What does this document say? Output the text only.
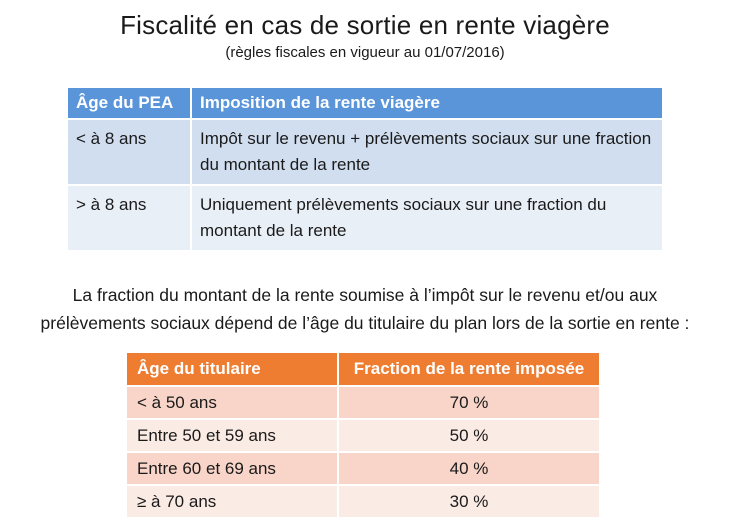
Fiscalité en cas de sortie en rente viagère
(règles fiscales en vigueur au 01/07/2016)
Âge du PEA	Imposition de la rente viagère
< à 8 ans	Impôt sur le revenu + prélèvements sociaux sur une fraction du montant de la rente
> à 8 ans	Uniquement prélèvements sociaux sur une fraction du montant de la rente
La fraction du montant de la rente soumise à l’impôt sur le revenu et/ou aux
prélèvements sociaux dépend de l’âge du titulaire du plan lors de la sortie en rente :
Âge du titulaire	Fraction de la rente imposée
< à 50 ans	70 %
Entre 50 et 59 ans	50 %
Entre 60 et 69 ans	40 %
≥ à 70 ans	30 %
